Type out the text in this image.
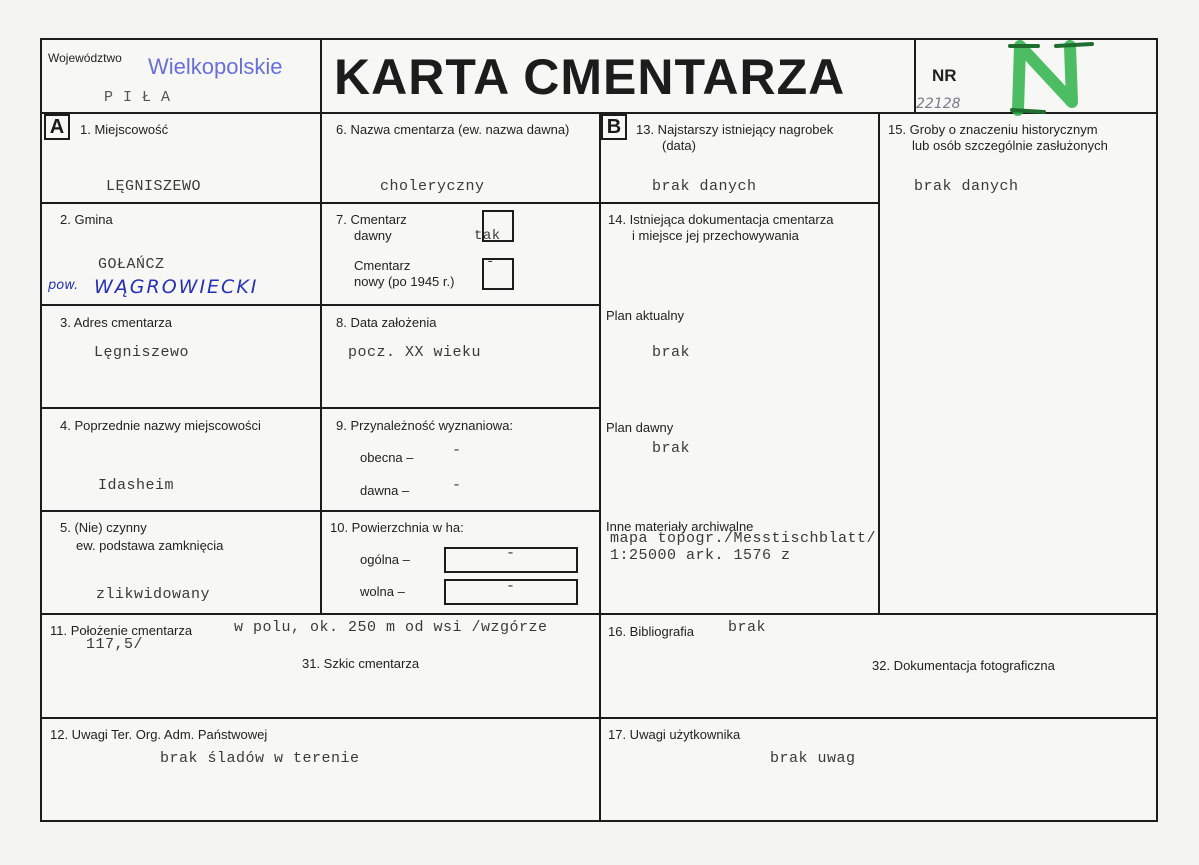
Województwo Wielkopolskie
P I Ł A	KARTA CMENTARZA	NR
22128
A	B
1. Miejscowość
LĘGNISZEWO
6. Nazwa cmentarza (ew. nazwa dawna)
choleryczny
13. Najstarszy istniejący nagrobek
(data)
brak danych
15. Groby o znaczeniu historycznym
lub osób szczególnie zasłużonych
brak danych
2. Gmina
GOŁAŃCZ
pow. WĄGROWIECKI
7. Cmentarz
dawny	tak
Cmentarz
nowy (po 1945 r.)
-
14. Istniejąca dokumentacja cmentarza
i miejsce jej przechowywania
3. Adres cmentarza
Lęgniszewo
8. Data założenia
pocz. XX wieku
Plan aktualny
brak
4. Poprzednie nazwy miejscowości
Idasheim
9. Przynależność wyznaniowa:
obecna –	-
dawna –	-
Plan dawny
brak
5. (Nie) czynny
ew. podstawa zamknięcia
zlikwidowany
10. Powierzchnia w ha:
ogólna –	-
wolna –	-
Inne materiały archiwalne
mapa topogr./Messtischblatt/
1:25000 ark. 1576 z
11. Położenie cmentarza	w polu, ok. 250 m od wsi /wzgórze
117,5/
31. Szkic cmentarza
16. Bibliografia brak
32. Dokumentacja fotograficzna
12. Uwagi Ter. Org. Adm. Państwowej
brak śladów w terenie
17. Uwagi użytkownika
brak uwag
